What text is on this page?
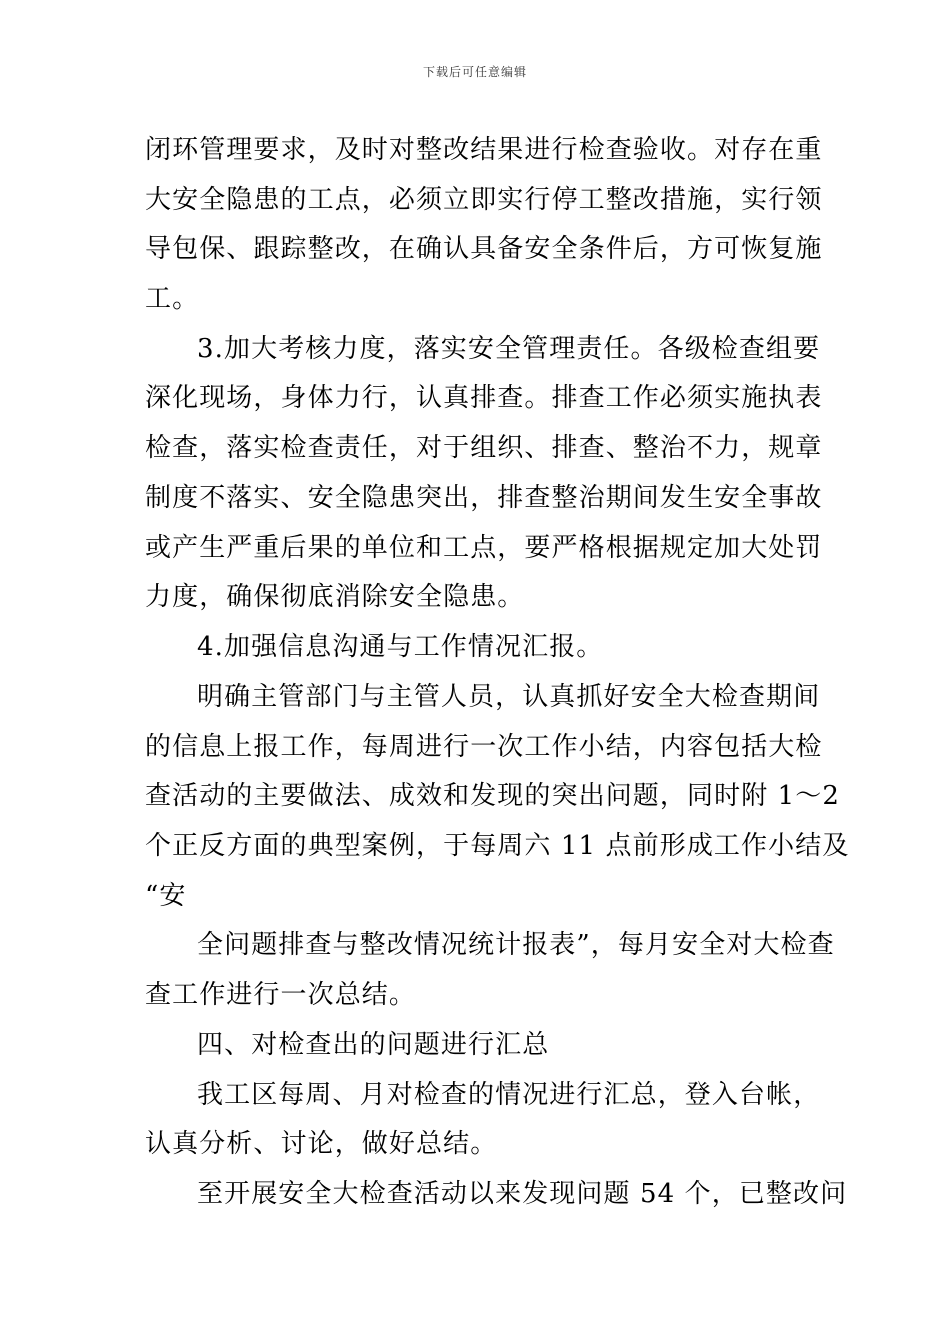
下载后可任意编辑
闭环管理要求，及时对整改结果进行检查验收。对存在重
大安全隐患的工点，必须立即实行停工整改措施，实行领
导包保、跟踪整改，在确认具备安全条件后，方可恢复施
工。
3.加大考核力度，落实安全管理责任。各级检查组要
深化现场，身体力行，认真排查。排查工作必须实施执表
检查，落实检查责任，对于组织、排查、整治不力，规章
制度不落实、安全隐患突出，排查整治期间发生安全事故
或产生严重后果的单位和工点，要严格根据规定加大处罚
力度，确保彻底消除安全隐患。
4.加强信息沟通与工作情况汇报。
明确主管部门与主管人员，认真抓好安全大检查期间
的信息上报工作，每周进行一次工作小结，内容包括大检
查活动的主要做法、成效和发现的突出问题，同时附 1～2
个正反方面的典型案例，于每周六 11 点前形成工作小结及
“安
全问题排查与整改情况统计报表”，每月安全对大检查
查工作进行一次总结。
四、对检查出的问题进行汇总
我工区每周、月对检查的情况进行汇总，登入台帐，
认真分析、讨论，做好总结。
至开展安全大检查活动以来发现问题 54 个，已整改问
